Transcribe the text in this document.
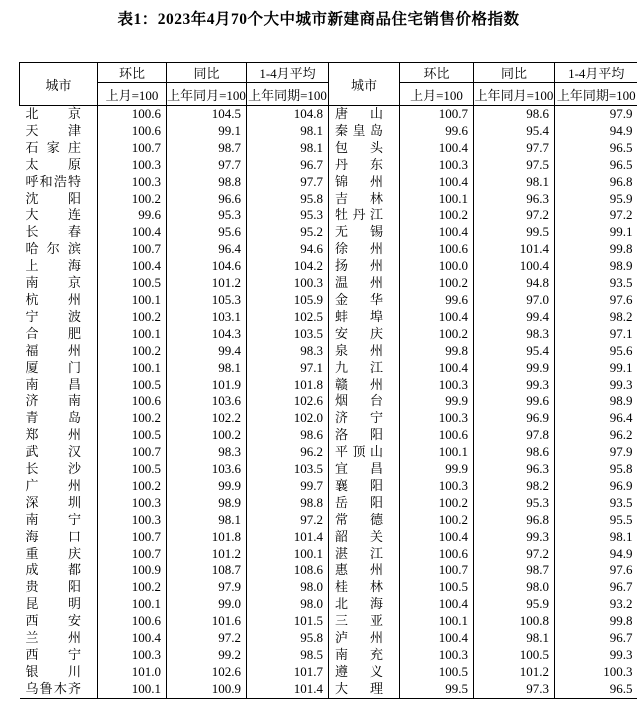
表1：2023年4月70个大中城市新建商品住宅销售价格指数
城市	环比	同比	1-4月平均	城市	环比	同比	1-4月平均
	上月=100	上年同月=100	上年同期=100		上月=100	上年同月=100	上年同期=100
北京	100.6	104.5	104.8	唐山	100.7	98.6	97.9
天津	100.6	99.1	98.1	秦皇岛	99.6	95.4	94.9
石家庄	100.7	98.7	98.1	包头	100.4	97.7	96.5
太原	100.3	97.7	96.7	丹东	100.3	97.5	96.5
呼和浩特	100.3	98.8	97.7	锦州	100.4	98.1	96.8
沈阳	100.2	96.6	95.8	吉林	100.1	96.3	95.9
大连	99.6	95.3	95.3	牡丹江	100.2	97.2	97.2
长春	100.4	95.6	95.2	无锡	100.4	99.5	99.1
哈尔滨	100.7	96.4	94.6	徐州	100.6	101.4	99.8
上海	100.4	104.6	104.2	扬州	100.0	100.4	98.9
南京	100.5	101.2	100.3	温州	100.2	94.8	93.5
杭州	100.1	105.3	105.9	金华	99.6	97.0	97.6
宁波	100.2	103.1	102.5	蚌埠	100.4	99.4	98.2
合肥	100.1	104.3	103.5	安庆	100.2	98.3	97.1
福州	100.2	99.4	98.3	泉州	99.8	95.4	95.6
厦门	100.1	98.1	97.1	九江	100.4	99.9	99.1
南昌	100.5	101.9	101.8	赣州	100.3	99.3	99.3
济南	100.6	103.6	102.6	烟台	99.9	99.6	98.9
青岛	100.2	102.2	102.0	济宁	100.3	96.9	96.4
郑州	100.5	100.2	98.6	洛阳	100.6	97.8	96.2
武汉	100.7	98.3	96.2	平顶山	100.1	98.6	97.9
长沙	100.5	103.6	103.5	宜昌	99.9	96.3	95.8
广州	100.2	99.9	99.7	襄阳	100.3	98.2	96.9
深圳	100.3	98.9	98.8	岳阳	100.2	95.3	93.5
南宁	100.3	98.1	97.2	常德	100.2	96.8	95.5
海口	100.7	101.8	101.4	韶关	100.4	99.3	98.1
重庆	100.7	101.2	100.1	湛江	100.6	97.2	94.9
成都	100.9	108.7	108.6	惠州	100.7	98.7	97.6
贵阳	100.2	97.9	98.0	桂林	100.5	98.0	96.7
昆明	100.1	99.0	98.0	北海	100.4	95.9	93.2
西安	100.6	101.6	101.5	三亚	100.1	100.8	99.8
兰州	100.4	97.2	95.8	泸州	100.4	98.1	96.7
西宁	100.3	99.2	98.5	南充	100.3	100.5	99.3
银川	101.0	102.6	101.7	遵义	100.5	101.2	100.3
乌鲁木齐	100.1	100.9	101.4	大理	99.5	97.3	96.5
